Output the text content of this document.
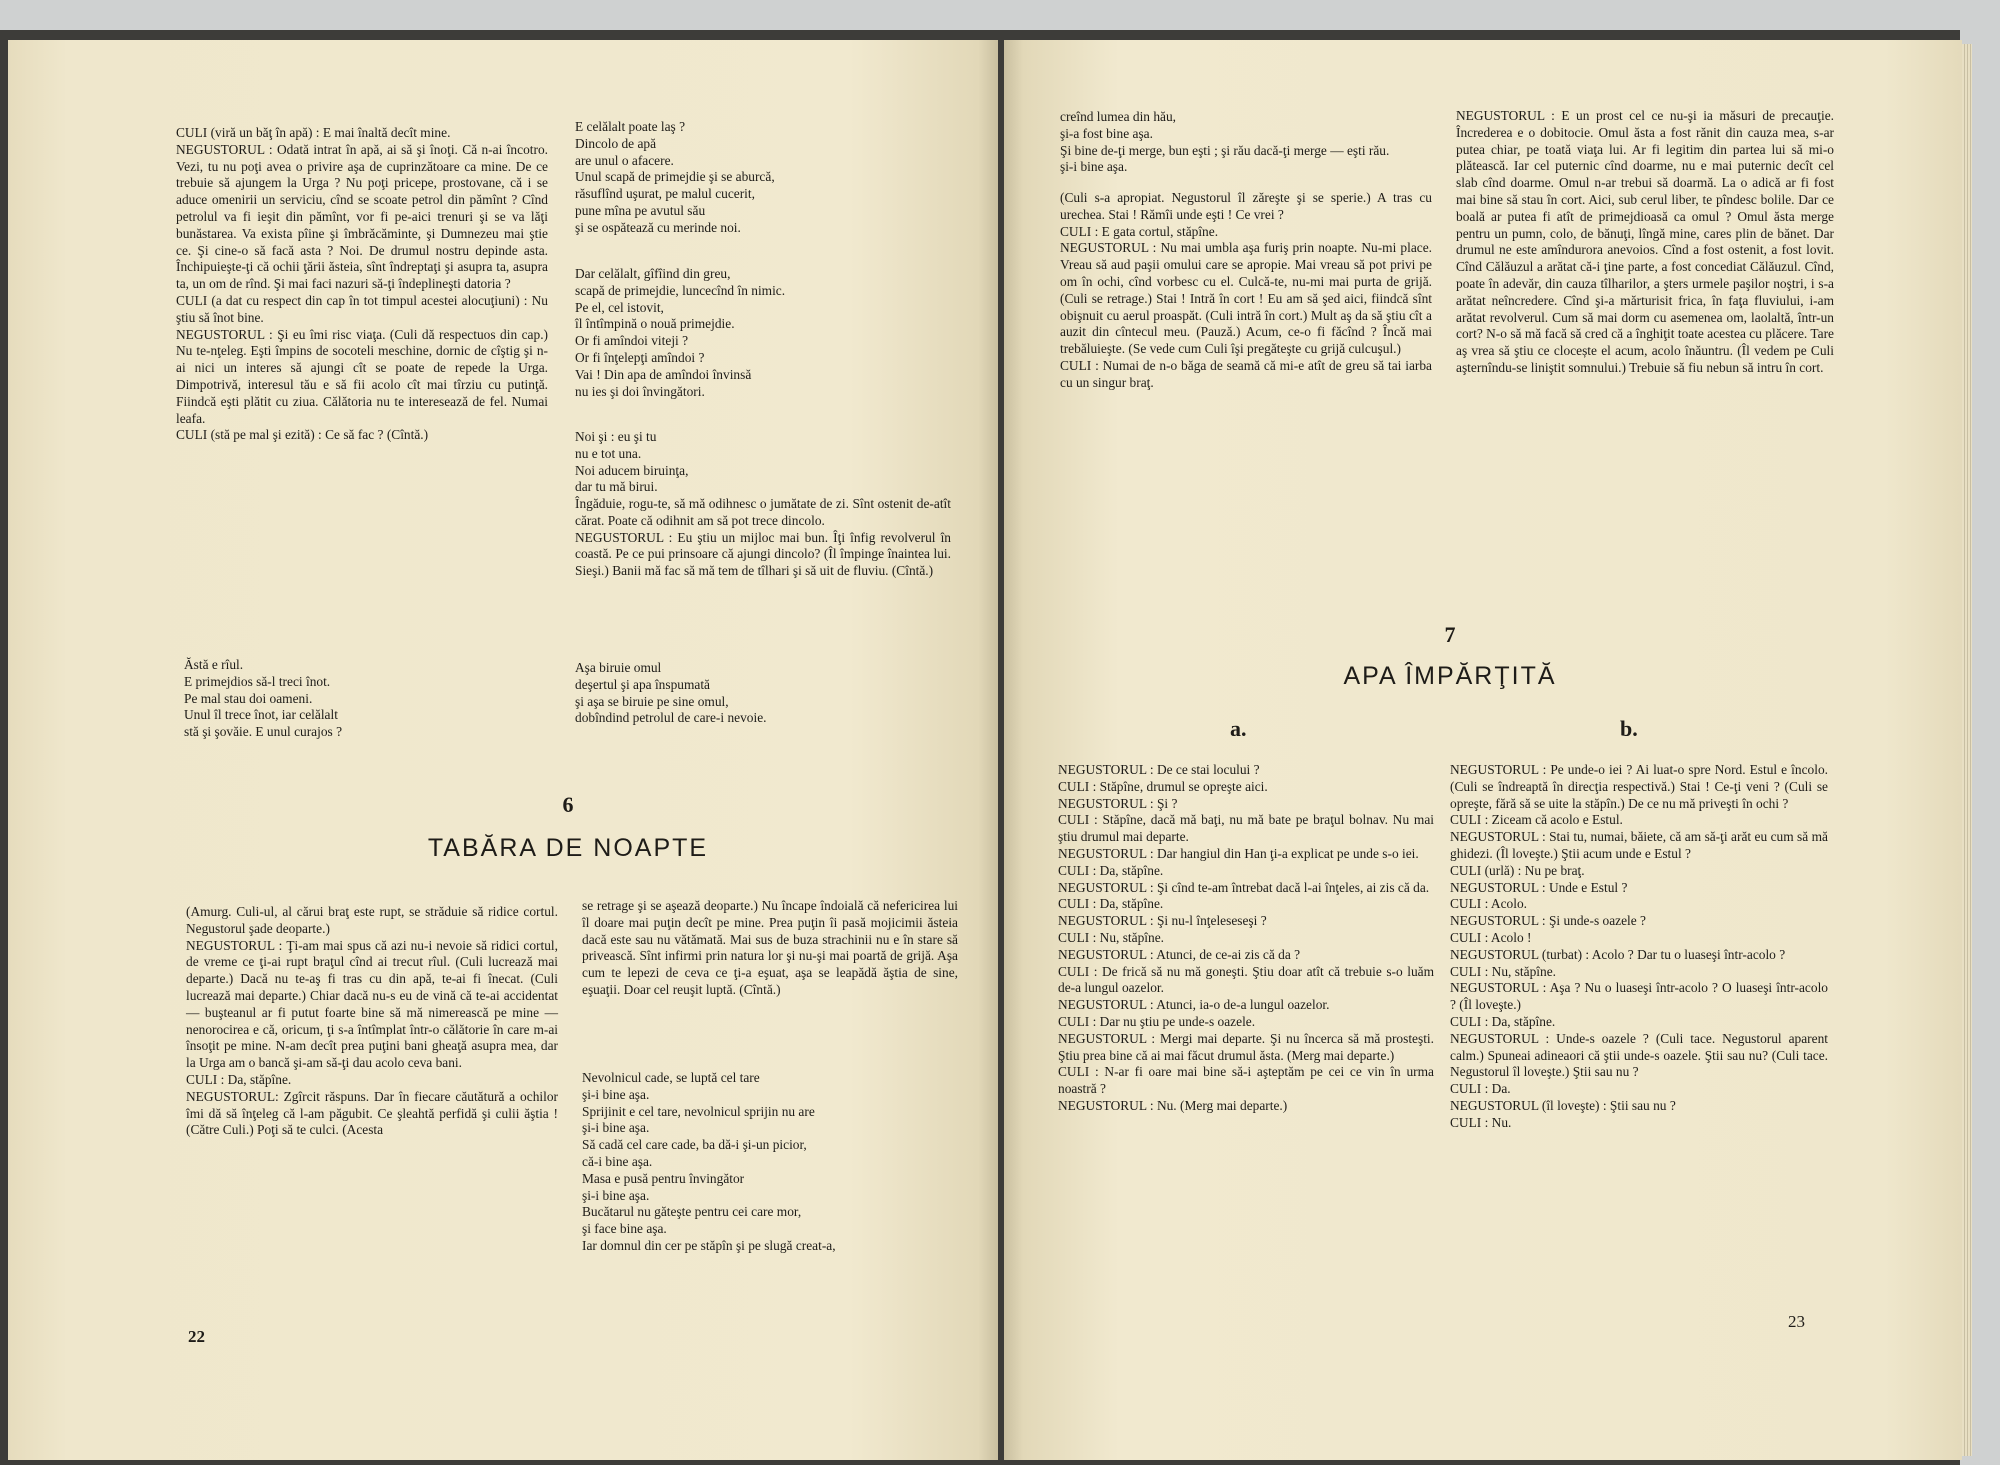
CULI (viră un băţ în apă) : E mai înaltă decît mine.

NEGUSTORUL : Odată intrat în apă, ai să şi înoţi. Că n-ai încotro. Vezi, tu nu poţi avea o privire aşa de cuprinzătoare ca mine. De ce trebuie să ajungem la Urga ? Nu poţi pricepe, prostovane, că i se aduce omenirii un serviciu, cînd se scoate petrol din pămînt ? Cînd petrolul va fi ieşit din pămînt, vor fi pe-aici trenuri şi se va lăţi bunăstarea. Va exista pîine şi îmbrăcăminte, şi Dumnezeu mai ştie ce. Şi cine-o să facă asta ? Noi. De drumul nostru depinde asta. Închipuieşte-ţi că ochii ţării ăsteia, sînt îndreptaţi şi asupra ta, asupra ta, un om de rînd. Şi mai faci nazuri să-ţi îndeplineşti datoria ?

CULI (a dat cu respect din cap în tot timpul acestei alocuţiuni) : Nu ştiu să înot bine.

NEGUSTORUL : Şi eu îmi risc viaţa. (Culi dă respectuos din cap.) Nu te-nţeleg. Eşti împins de socoteli meschine, dornic de cîştig şi n-ai nici un interes să ajungi cît se poate de repede la Urga. Dimpotrivă, interesul tău e să fii acolo cît mai tîrziu cu putinţă. Fiindcă eşti plătit cu ziua. Călătoria nu te interesează de fel. Numai leafa.

CULI (stă pe mal şi ezită) : Ce să fac ? (Cîntă.)

Ăstă e rîul.
E primejdios să-l treci înot.
Pe mal stau doi oameni.
Unul îl trece înot, iar celălalt
stă şi şovăie. E unul curajos ?
E celălalt poate laş ?
Dincolo de apă
are unul o afacere.
Unul scapă de primejdie şi se aburcă,
răsuflînd uşurat, pe malul cucerit,
pune mîna pe avutul său
şi se ospătează cu merinde noi.
Dar celălalt, gîfîind din greu,
scapă de primejdie, luncecînd în nimic.
Pe el, cel istovit,
îl întîmpină o nouă primejdie.
Or fi amîndoi viteji ?
Or fi înţelepţi amîndoi ?
Vai ! Din apa de amîndoi învinsă
nu ies şi doi învingători.
Noi şi : eu şi tu
nu e tot una.
Noi aducem biruinţa,
dar tu mă birui.

Îngăduie, rogu-te, să mă odihnesc o jumătate de zi. Sînt ostenit de-atît cărat. Poate că odihnit am să pot trece dincolo.

NEGUSTORUL : Eu ştiu un mijloc mai bun. Îţi înfig revolverul în coastă. Pe ce pui prinsoare că ajungi dincolo? (Îl împinge înaintea lui. Sieşi.) Banii mă fac să mă tem de tîlhari şi să uit de fluviu. (Cîntă.)

Aşa biruie omul
deşertul şi apa înspumată
şi aşa se biruie pe sine omul,
dobîndind petrolul de care-i nevoie.
6
TABĂRA DE NOAPTE

(Amurg. Culi-ul, al cărui braţ este rupt, se străduie să ridice cortul. Negustorul şade deoparte.)

NEGUSTORUL : Ţi-am mai spus că azi nu-i nevoie să ridici cortul, de vreme ce ţi-ai rupt braţul cînd ai trecut rîul. (Culi lucrează mai departe.) Dacă nu te-aş fi tras cu din apă, te-ai fi înecat. (Culi lucrează mai departe.) Chiar dacă nu-s eu de vină că te-ai accidentat — buşteanul ar fi putut foarte bine să mă nimerească pe mine — nenorocirea e că, oricum, ţi s-a întîmplat într-o călătorie în care m-ai însoţit pe mine. N-am decît prea puţini bani gheaţă asupra mea, dar la Urga am o bancă şi-am să-ţi dau acolo ceva bani.

CULI : Da, stăpîne.

NEGUSTORUL: Zgîrcit răspuns. Dar în fiecare căutătură a ochilor îmi dă să înţeleg că l-am păgubit. Ce şleahtă perfidă şi culii ăştia ! (Către Culi.) Poţi să te culci. (Acesta

se retrage şi se aşează deoparte.) Nu încape îndoială că nefericirea lui îl doare mai puţin decît pe mine. Prea puţin îi pasă mojicimii ăsteia dacă este sau nu vătămată. Mai sus de buza strachinii nu e în stare să privească. Sînt infirmi prin natura lor şi nu-şi mai poartă de grijă. Aşa cum te lepezi de ceva ce ţi-a eşuat, aşa se leapădă ăştia de sine, eşuaţii. Doar cel reuşit luptă. (Cîntă.)

Nevolnicul cade, se luptă cel tare
şi-i bine aşa.
Sprijinit e cel tare, nevolnicul sprijin nu are
şi-i bine aşa.
Să cadă cel care cade, ba dă-i şi-un picior,
că-i bine aşa.
Masa e pusă pentru învingător
şi-i bine aşa.
Bucătarul nu găteşte pentru cei care mor,
şi face bine aşa.
Iar domnul din cer pe stăpîn şi pe slugă creat-a,
22
creînd lumea din hău,
şi-a fost bine aşa.
Şi bine de-ţi merge, bun eşti ; şi rău dacă-ţi merge — eşti rău.
şi-i bine aşa.

(Culi s-a apropiat. Negustorul îl zăreşte şi se sperie.) A tras cu urechea. Stai ! Rămîi unde eşti ! Ce vrei ?

CULI : E gata cortul, stăpîne.

NEGUSTORUL : Nu mai umbla aşa furiş prin noapte. Nu-mi place. Vreau să aud paşii omului care se apropie. Mai vreau să pot privi pe om în ochi, cînd vorbesc cu el. Culcă-te, nu-mi mai purta de grijă. (Culi se retrage.) Stai ! Intră în cort ! Eu am să şed aici, fiindcă sînt obişnuit cu aerul proaspăt. (Culi intră în cort.) Mult aş da să ştiu cît a auzit din cîntecul meu. (Pauză.) Acum, ce-o fi făcînd ? Încă mai trebăluieşte. (Se vede cum Culi îşi pregăteşte cu grijă culcuşul.)

CULI : Numai de n-o băga de seamă că mi-e atît de greu să tai iarba cu un singur braţ.

NEGUSTORUL : E un prost cel ce nu-şi ia măsuri de precauţie. Încrederea e o dobitocie. Omul ăsta a fost rănit din cauza mea, s-ar putea chiar, pe toată viaţa lui. Ar fi legitim din partea lui să mi-o plătească. Iar cel puternic cînd doarme, nu e mai puternic decît cel slab cînd doarme. Omul n-ar trebui să doarmă. La o adică ar fi fost mai bine să stau în cort. Aici, sub cerul liber, te pîndesc bolile. Dar ce boală ar putea fi atît de primejdioasă ca omul ? Omul ăsta merge pentru un pumn, colo, de bănuţi, lîngă mine, cares plin de bănet. Dar drumul ne este amîndurora anevoios. Cînd a fost ostenit, a fost lovit. Cînd Călăuzul a arătat că-i ţine parte, a fost concediat Călăuzul. Cînd, poate în adevăr, din cauza tîlharilor, a şters urmele paşilor noştri, i s-a arătat neîncredere. Cînd şi-a mărturisit frica, în faţa fluviului, i-am arătat revolverul. Cum să mai dorm cu asemenea om, laolaltă, într-un cort? N-o să mă facă să cred că a înghiţit toate acestea cu plăcere. Tare aş vrea să ştiu ce clocește el acum, acolo înăuntru. (Îl vedem pe Culi aşternîndu-se liniştit somnului.) Trebuie să fiu nebun să intru în cort.

7
APA ÎMPĂRŢITĂ
a.	b.

NEGUSTORUL : De ce stai locului ?

CULI : Stăpîne, drumul se opreşte aici.

NEGUSTORUL : Şi ?

CULI : Stăpîne, dacă mă baţi, nu mă bate pe braţul bolnav. Nu mai ştiu drumul mai departe.

NEGUSTORUL : Dar hangiul din Han ţi-a explicat pe unde s-o iei.

CULI : Da, stăpîne.

NEGUSTORUL : Şi cînd te-am întrebat dacă l-ai înţeles, ai zis că da.

CULI : Da, stăpîne.

NEGUSTORUL : Şi nu-l înţeleseseşi ?

CULI : Nu, stăpîne.

NEGUSTORUL : Atunci, de ce-ai zis că da ?

CULI : De frică să nu mă goneşti. Ştiu doar atît că trebuie s-o luăm de-a lungul oazelor.

NEGUSTORUL : Atunci, ia-o de-a lungul oazelor.

CULI : Dar nu ştiu pe unde-s oazele.

NEGUSTORUL : Mergi mai departe. Şi nu încerca să mă prosteşti. Ştiu prea bine că ai mai făcut drumul ăsta. (Merg mai departe.)

CULI : N-ar fi oare mai bine să-i aşteptăm pe cei ce vin în urma noastră ?

NEGUSTORUL : Nu. (Merg mai departe.)

NEGUSTORUL : Pe unde-o iei ? Ai luat-o spre Nord. Estul e încolo. (Culi se îndreaptă în direcţia respectivă.) Stai ! Ce-ţi veni ? (Culi se opreşte, fără să se uite la stăpîn.) De ce nu mă priveşti în ochi ?

CULI : Ziceam că acolo e Estul.

NEGUSTORUL : Stai tu, numai, băiete, că am să-ţi arăt eu cum să mă ghidezi. (Îl loveşte.) Ştii acum unde e Estul ?

CULI (urlă) : Nu pe braţ.

NEGUSTORUL : Unde e Estul ?

CULI : Acolo.

NEGUSTORUL : Şi unde-s oazele ?

CULI : Acolo !

NEGUSTORUL (turbat) : Acolo ? Dar tu o luaseşi într-acolo ?

CULI : Nu, stăpîne.

NEGUSTORUL : Aşa ? Nu o luaseşi într-acolo ? O luaseşi într-acolo ? (Îl loveşte.)

CULI : Da, stăpîne.

NEGUSTORUL : Unde-s oazele ? (Culi tace. Negustorul aparent calm.) Spuneai adineaori că ştii unde-s oazele. Ştii sau nu? (Culi tace. Negustorul îl loveşte.) Ştii sau nu ?

CULI : Da.

NEGUSTORUL (îl loveşte) : Ştii sau nu ?

CULI : Nu.

23
